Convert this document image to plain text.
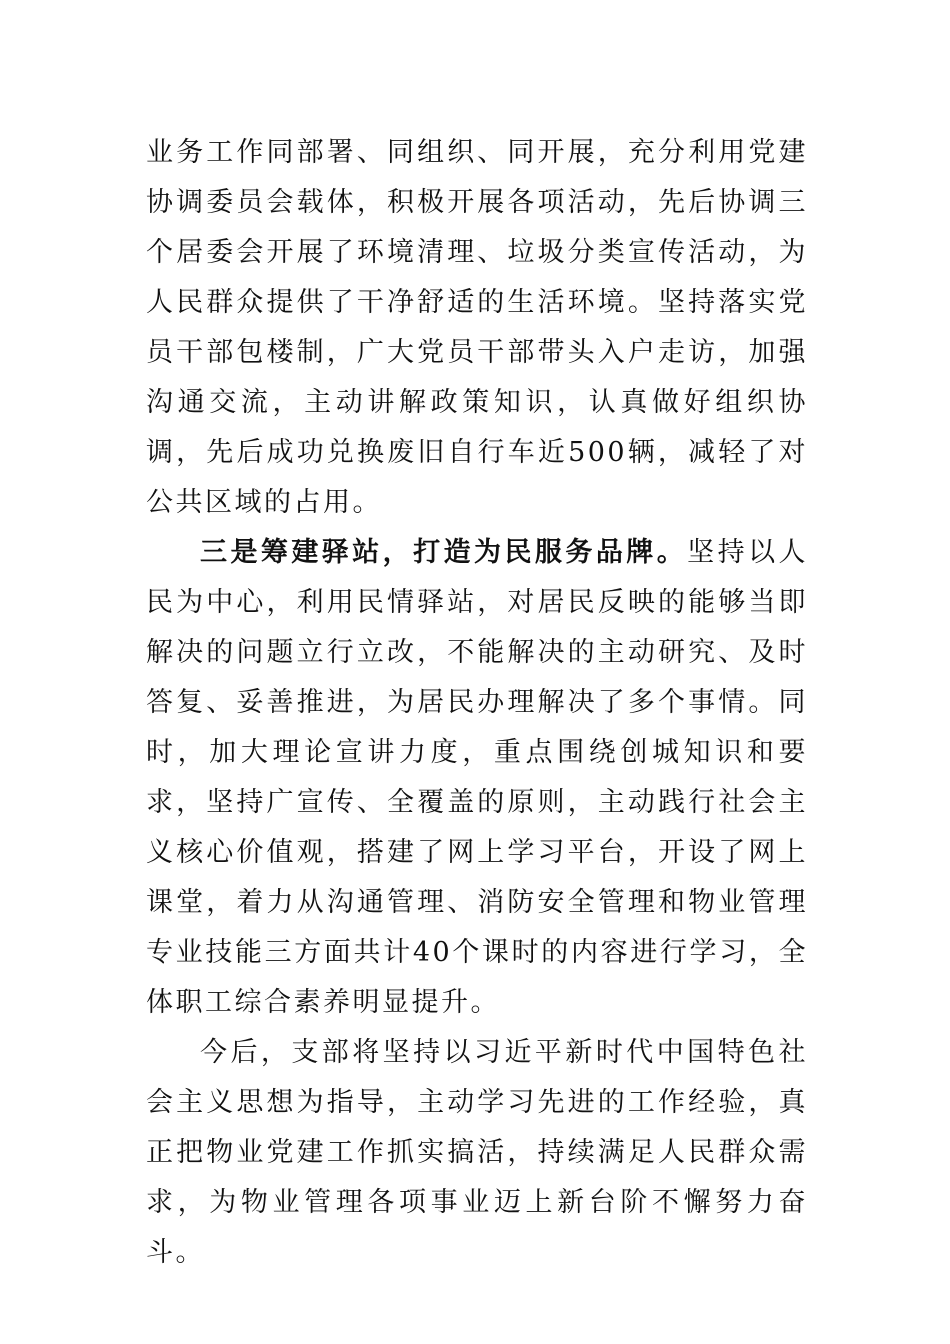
业务工作同部署、同组织、同开展，充分利用党建协调委员会载体，积极开展各项活动，先后协调三个居委会开展了环境清理、垃圾分类宣传活动，为人民群众提供了干净舒适的生活环境。坚持落实党员干部包楼制，广大党员干部带头入户走访，加强沟通交流，主动讲解政策知识，认真做好组织协调，先后成功兑换废旧自行车近500辆，减轻了对公共区域的占用。

三是筹建驿站，打造为民服务品牌。坚持以人民为中心，利用民情驿站，对居民反映的能够当即解决的问题立行立改，不能解决的主动研究、及时答复、妥善推进，为居民办理解决了多个事情。同时，加大理论宣讲力度，重点围绕创城知识和要求，坚持广宣传、全覆盖的原则，主动践行社会主义核心价值观，搭建了网上学习平台，开设了网上课堂，着力从沟通管理、消防安全管理和物业管理专业技能三方面共计40个课时的内容进行学习，全体职工综合素养明显提升。

今后，支部将坚持以习近平新时代中国特色社会主义思想为指导，主动学习先进的工作经验，真正把物业党建工作抓实搞活，持续满足人民群众需求，为物业管理各项事业迈上新台阶不懈努力奋斗。
